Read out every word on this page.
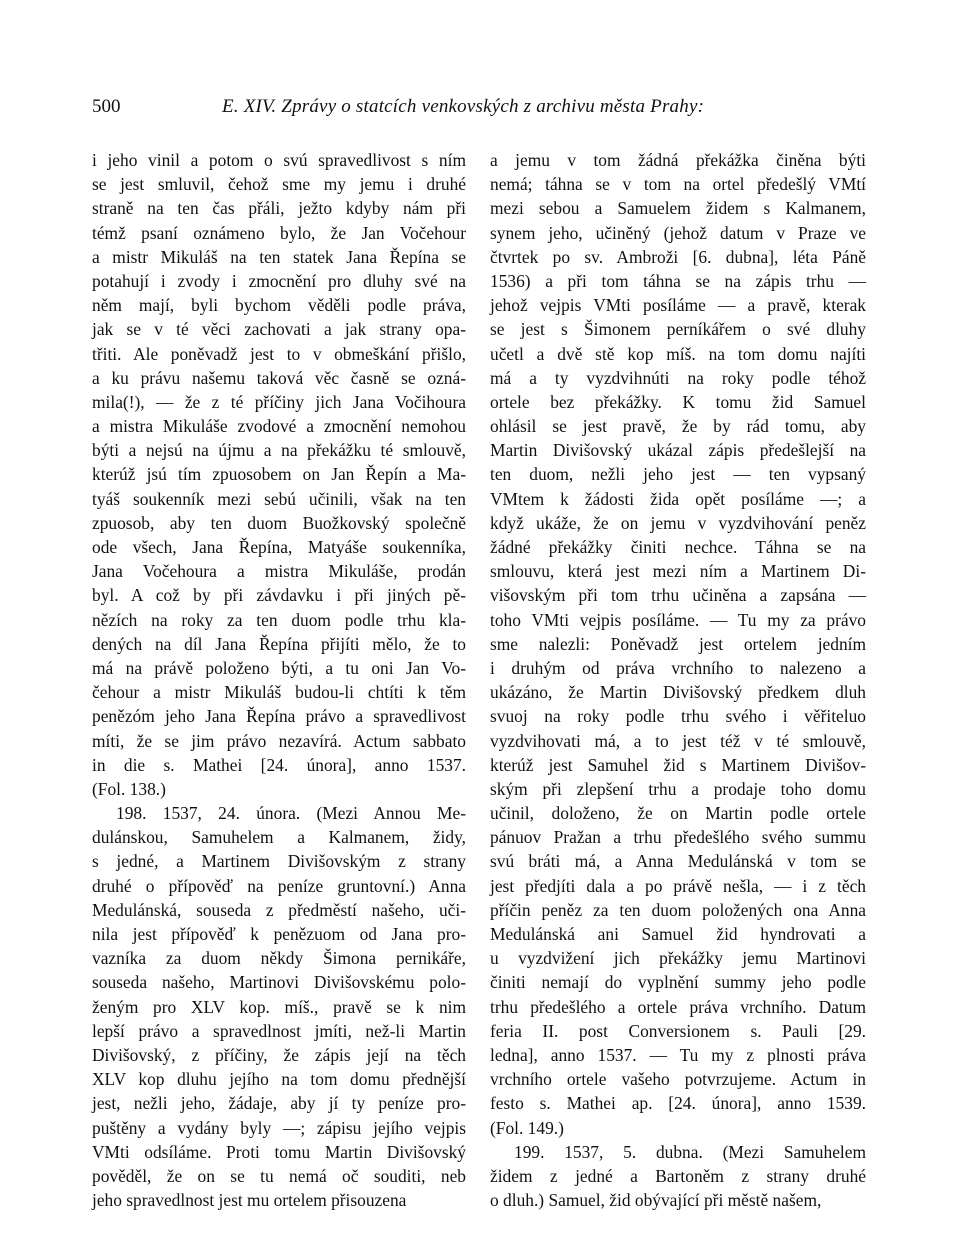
500	E. XIV. Zprávy o statcích venkovských z archivu města Prahy:
i jeho vinil a potom o svú spravedlivost s ním
se jest smluvil, čehož sme my jemu i druhé
straně na ten čas přáli, ježto kdyby nám při
témž psaní oznámeno bylo, že Jan Vočehour
a mistr Mikuláš na ten statek Jana Řepína se
potahují i zvody i zmocnění pro dluhy své na
něm mají, byli bychom věděli podle práva,
jak se v té věci zachovati a jak strany opa-
třiti. Ale poněvadž jest to v obmeškání přišlo,
a ku právu našemu taková věc časně se ozná-
mila(!), — že z té příčiny jich Jana Vočihoura
a mistra Mikuláše zvodové a zmocnění nemohou
býti a nejsú na újmu a na překážku té smlouvě,
kterúž jsú tím zpuosobem on Jan Řepín a Ma-
tyáš soukenník mezi sebú učinili, však na ten
zpuosob, aby ten duom Buožkovský společně
ode všech, Jana Řepína, Matyáše soukenníka,
Jana Vočehoura a mistra Mikuláše, prodán
byl. A což by při závdavku i při jiných pě-
nězích na roky za ten duom podle trhu kla-
dených na díl Jana Řepína přijíti mělo, že to
má na právě položeno býti, a tu oni Jan Vo-
čehour a mistr Mikuláš budou-li chtíti k těm
penězóm jeho Jana Řepína právo a spravedlivost
míti, že se jim právo nezavírá. Actum sabbato
in die s. Mathei [24. února], anno 1537.
(Fol. 138.)
198. 1537, 24. února. (Mezi Annou Me-
dulánskou, Samuhelem a Kalmanem, židy,
s jedné, a Martinem Divišovským z strany
druhé o přípověď na peníze gruntovní.) Anna
Medulánská, souseda z předměstí našeho, uči-
nila jest přípověď k penězuom od Jana pro-
vazníka za duom někdy Šimona pernikáře,
souseda našeho, Martinovi Divišovskému polo-
ženým pro XLV kop. míš., pravě se k nim
lepší právo a spravedlnost jmíti, než-li Martin
Divišovský, z příčiny, že zápis její na těch
XLV kop dluhu jejího na tom domu přednější
jest, nežli jeho, žádaje, aby jí ty peníze pro-
puštěny a vydány byly —; zápisu jejího vejpis
VMti odsíláme. Proti tomu Martin Divišovský
pověděl, že on se tu nemá oč souditi, neb
jeho spravedlnost jest mu ortelem přisouzena
a jemu v tom žádná překážka činěna býti
nemá; táhna se v tom na ortel předešlý VMtí
mezi sebou a Samuelem židem s Kalmanem,
synem jeho, učiněný (jehož datum v Praze ve
čtvrtek po sv. Ambroži [6. dubna], léta Páně
1536) a při tom táhna se na zápis trhu —
jehož vejpis VMti posíláme — a pravě, kterak
se jest s Šimonem perníkářem o své dluhy
učetl a dvě stě kop míš. na tom domu najíti
má a ty vyzdvihnúti na roky podle téhož
ortele bez překážky. K tomu žid Samuel
ohlásil se jest pravě, že by rád tomu, aby
Martin Divišovský ukázal zápis předešlejší na
ten duom, nežli jeho jest — ten vypsaný
VMtem k žádosti žida opět posíláme —; a
když ukáže, že on jemu v vyzdvihování peněz
žádné překážky činiti nechce. Táhna se na
smlouvu, která jest mezi ním a Martinem Di-
višovským při tom trhu učiněna a zapsána —
toho VMti vejpis posíláme. — Tu my za právo
sme nalezli: Poněvadž jest ortelem jedním
i druhým od práva vrchního to nalezeno a
ukázáno, že Martin Divišovský předkem dluh
svuoj na roky podle trhu svého i věřiteluo
vyzdvihovati má, a to jest též v té smlouvě,
kterúž jest Samuhel žid s Martinem Divišov-
ským při zlepšení trhu a prodaje toho domu
učinil, doloženo, že on Martin podle ortele
pánuov Pražan a trhu předešlého svého summu
svú bráti má, a Anna Medulánská v tom se
jest předjíti dala a po právě nešla, — i z těch
příčin peněz za ten duom položených ona Anna
Medulánská ani Samuel žid hyndrovati a
u vyzdvižení jich překážky jemu Martinovi
činiti nemají do vyplnění summy jeho podle
trhu předešlého a ortele práva vrchního. Datum
feria II. post Conversionem s. Pauli [29.
ledna], anno 1537. — Tu my z plnosti práva
vrchního ortele vašeho potvrzujeme. Actum in
festo s. Mathei ap. [24. února], anno 1539.
(Fol. 149.)
199. 1537, 5. dubna. (Mezi Samuhelem
židem z jedné a Bartoněm z strany druhé
o dluh.) Samuel, žid obývající při městě našem,
